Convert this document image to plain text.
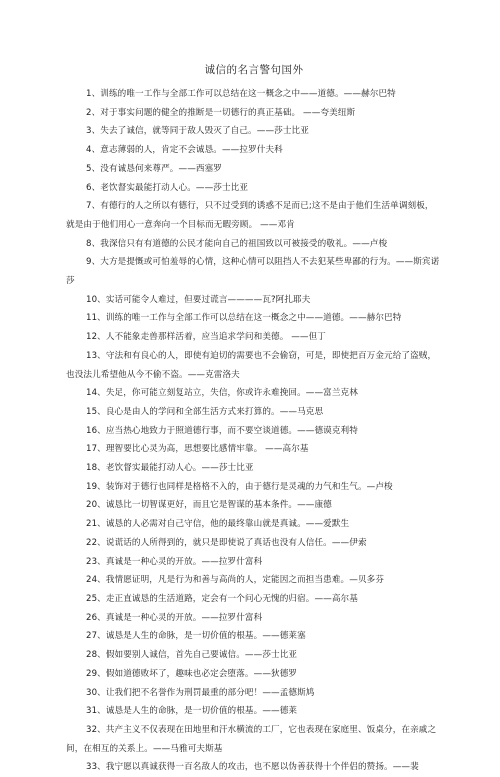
诚信的名言警句国外

1、训练的唯一工作与全部工作可以总结在这一概念之中——道德。——赫尔巴特

2、对于事实问题的健全的推断是一切德行的真正基础。 ——夸美纽斯

3、失去了诚信，就等同于敌人毁灭了自己。——莎士比亚

4、意志薄弱的人，肯定不会诚恳。——拉罗什夫科

5、没有诚恳何来尊严。——西塞罗

6、老饮督实最能打动人心。——莎士比亚

7、有德行的人之所以有德行，只不过受到的诱惑不足而已;这不是由于他们生活单调刻板，就是由于他们用心一意奔向一个目标而无暇旁顾。 ——邓肯

8、我深信只有有道德的公民才能向自己的祖国致以可被接受的敬礼。——卢梭

9、大方是提慨或可怕羞辱的心情，这种心情可以阻挡人不去犯某些卑鄙的行为。——斯宾诺莎

10、实话可能令人难过，但要过谎言————瓦?阿扎耶夫

11、训练的唯一工作与全部工作可以总结在这一概念之中——道德。——赫尔巴特

12、人不能象走兽那样活着，应当追求学问和美德。 ——但丁

13、守法和有良心的人，即使有迫切的需要也不会偷窃，可是，即使把百万金元给了盗贼，也没法儿希望他从今不偷不盗。——克雷洛夫

14、失足，你可能立刻复站立，失信，你或许永难挽回。——富兰克林

15、良心是由人的学问和全部生活方式来打算的。——马克思

16、应当热心地致力于照道德行事，而不要空谈道德。——德谟克利特

17、理智要比心灵为高，思想要比感情牢靠。 ——高尔基

18、老饮督实最能打动人心。——莎士比亚

19、装饰对于德行也同样是格格不入的，由于德行是灵魂的力气和生气。—卢梭

20、诚恳比一切智谋更好，而且它是智谋的基本条件。——康德

21、诚恳的人必需对自己守信，他的最终靠山就是真诚。——爱默生

22、说谎话的人所得到的，就只是即使说了真话也没有人信任。——伊索

23、真诚是一种心灵的开放。——拉罗什富科

24、我情愿证明，凡是行为和善与高尚的人，定能因之而担当患难。—贝多芬

25、走正直诚恳的生活道路，定会有一个问心无愧的归宿。——高尔基

26、真诚是一种心灵的开放。——拉罗什富科

27、诚恳是人生的命脉，是一切价值的根基。——德莱塞

28、假如要别人诚信，首先自己要诚信。——莎士比亚

29、假如道德败坏了，趣味也必定会堕落。——狄德罗

30、让我们把不名誉作为刑罚最重的部分吧！——孟德斯鸠

31、诚恳是人生的命脉，是一切价值的根基。——德莱

32、共产主义不仅表现在田地里和汗水横流的工厂，它也表现在家庭里、饭桌分，在亲戚之间，在相互的关系上。——马雅可夫斯基

33、我宁愿以真诚获得一百名敌人的攻击，也不愿以伪善获得十个伴侣的赞扬。——裴
